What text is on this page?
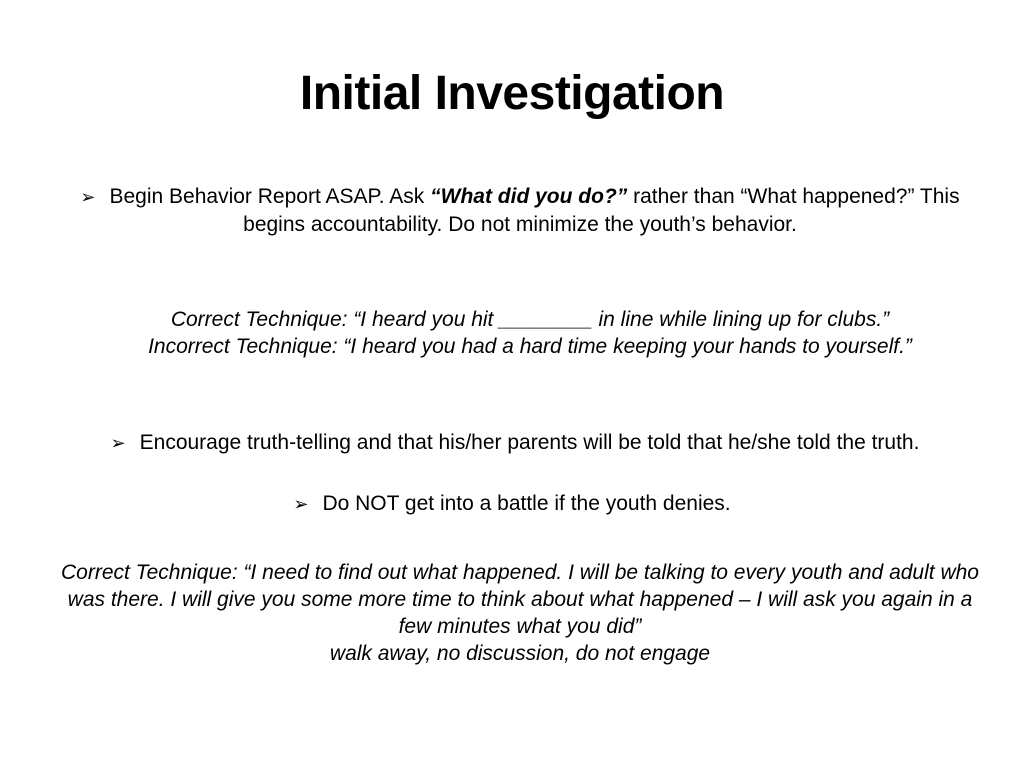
Initial Investigation
➢ Begin Behavior Report ASAP. Ask “What did you do?” rather than “What happened?” This begins accountability. Do not minimize the youth’s behavior.
Correct Technique: “I heard you hit ________ in line while lining up for clubs.”
Incorrect Technique: “I heard you had a hard time keeping your hands to yourself.”
➢ Encourage truth-telling and that his/her parents will be told that he/she told the truth.
➢ Do NOT get into a battle if the youth denies.
Correct Technique: “I need to find out what happened. I will be talking to every youth and adult who was there. I will give you some more time to think about what happened – I will ask you again in a few minutes what you did”
walk away, no discussion, do not engage
